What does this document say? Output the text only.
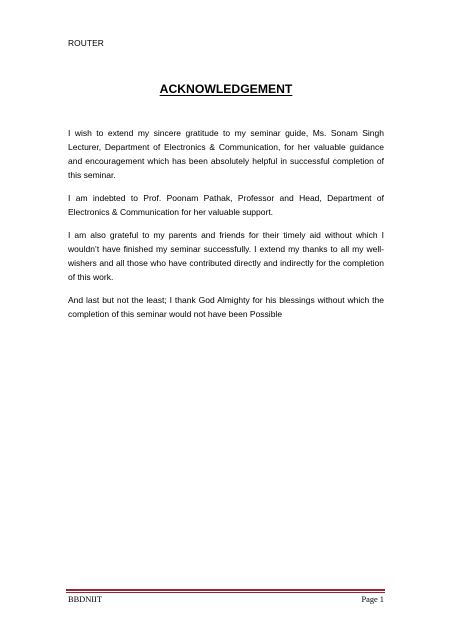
ROUTER
ACKNOWLEDGEMENT

I wish to extend my sincere gratitude to my seminar guide, Ms. Sonam Singh Lecturer, Department of Electronics & Communication, for her valuable guidance and encouragement which has been absolutely helpful in successful completion of this seminar.

I am indebted to Prof. Poonam Pathak, Professor and Head, Department of Electronics & Communication for her valuable support.

I am also grateful to my parents and friends for their timely aid without which I wouldn’t have finished my seminar successfully. I extend my thanks to all my well-wishers and all those who have contributed directly and indirectly for the completion of this work.

And last but not the least; I thank God Almighty for his blessings without which the completion of this seminar would not have been Possible

BBDNIIT	Page 1
